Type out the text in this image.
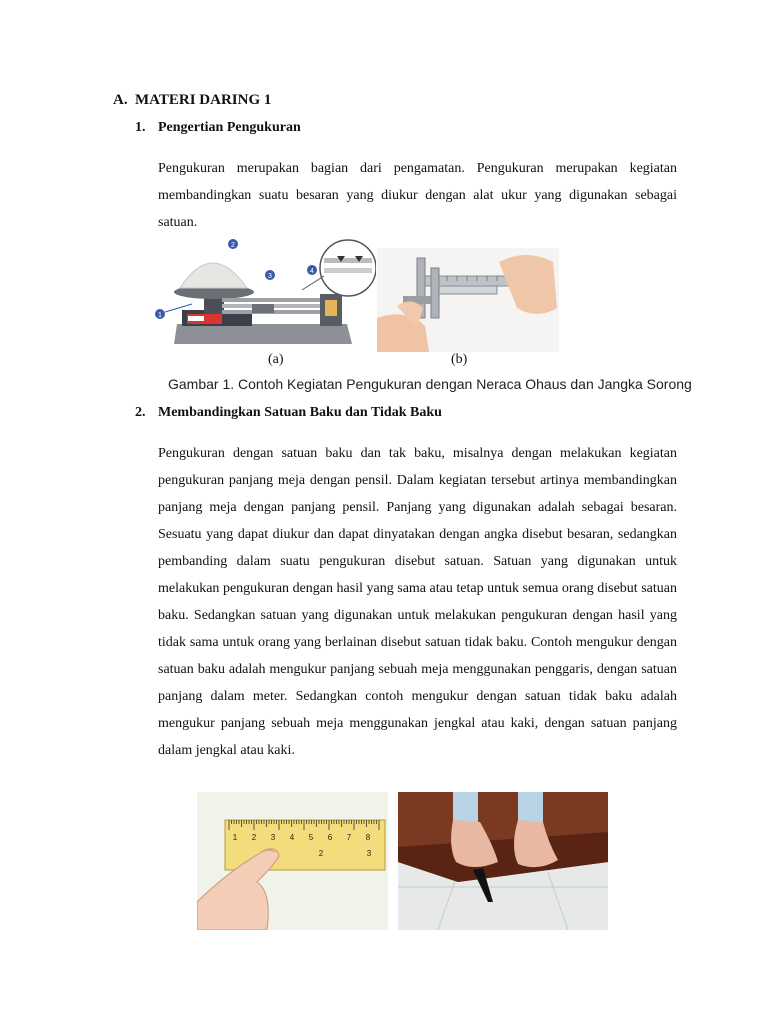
A. MATERI DARING 1
1. Pengertian Pengukuran
Pengukuran merupakan bagian dari pengamatan. Pengukuran merupakan kegiatan membandingkan suatu besaran yang diukur dengan alat ukur yang digunakan sebagai satuan.
2
3
1
4
(a)	(b)
Gambar 1. Contoh Kegiatan Pengukuran dengan Neraca Ohaus dan Jangka Sorong
2. Membandingkan Satuan Baku dan Tidak Baku
Pengukuran dengan satuan baku dan tak baku, misalnya dengan melakukan kegiatan pengukuran panjang meja dengan pensil. Dalam kegiatan tersebut artinya membandingkan panjang meja dengan panjang pensil. Panjang yang digunakan adalah sebagai besaran. Sesuatu yang dapat diukur dan dapat dinyatakan dengan angka disebut besaran, sedangkan pembanding dalam suatu pengukuran disebut satuan. Satuan yang digunakan untuk melakukan pengukuran dengan hasil yang sama atau tetap untuk semua orang disebut satuan baku. Sedangkan satuan yang digunakan untuk melakukan pengukuran dengan hasil yang tidak sama untuk orang yang berlainan disebut satuan tidak baku. Contoh mengukur dengan satuan baku adalah mengukur panjang sebuah meja menggunakan penggaris, dengan satuan panjang dalam meter. Sedangkan contoh mengukur dengan satuan tidak baku adalah mengukur panjang sebuah meja menggunakan jengkal atau kaki, dengan satuan panjang dalam jengkal atau kaki.
1 2 3 4 5 6 7 8
2	3
